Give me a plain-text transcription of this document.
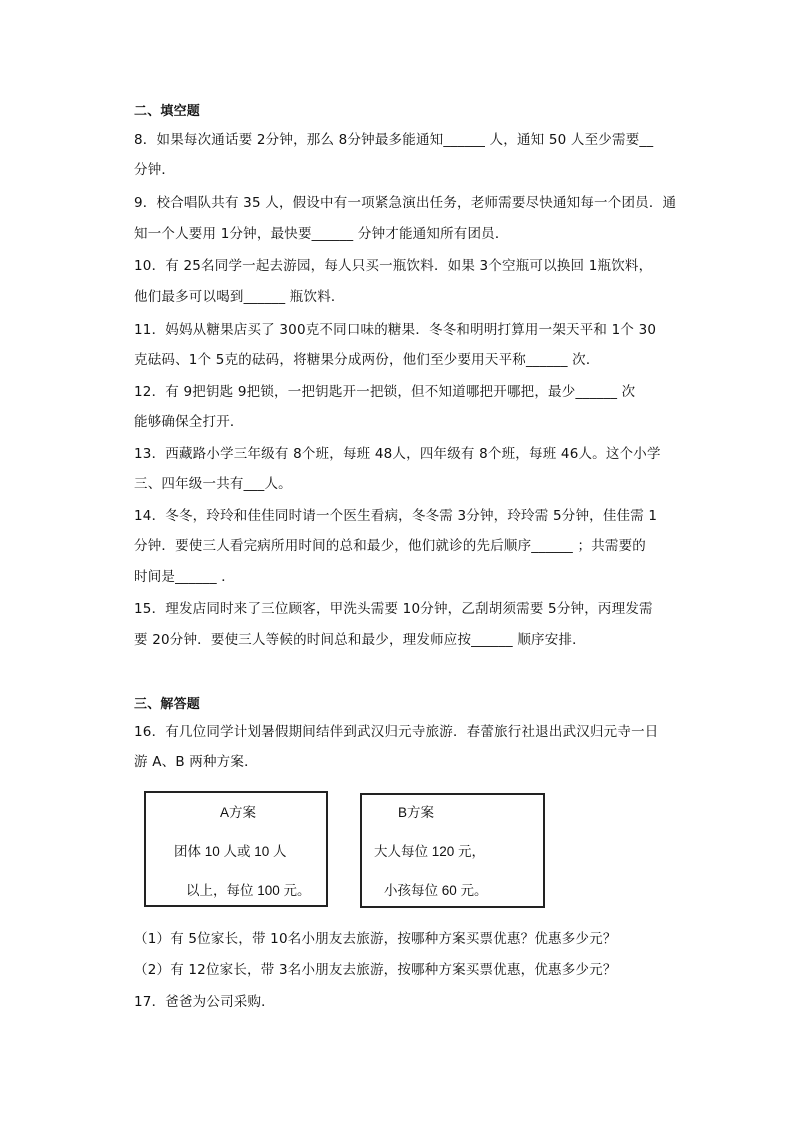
二、填空题
8．如果每次通话要 2分钟，那么 8分钟最多能通知______ 人，通知 50 人至少需要__
分钟．
9．校合唱队共有 35 人，假设中有一项紧急演出任务，老师需要尽快通知每一个团员．通
知一个人要用 1分钟，最快要______ 分钟才能通知所有团员．
10．有 25名同学一起去游园，每人只买一瓶饮料．如果 3个空瓶可以换回 1瓶饮料，
他们最多可以喝到______ 瓶饮料．
11．妈妈从糖果店买了 300克不同口味的糖果．冬冬和明明打算用一架天平和 1个 30
克砝码、1个 5克的砝码，将糖果分成两份，他们至少要用天平称______ 次．
12．有 9把钥匙 9把锁，一把钥匙开一把锁，但不知道哪把开哪把，最少______ 次
能够确保全打开．
13．西藏路小学三年级有 8个班，每班 48人，四年级有 8个班，每班 46人。这个小学
三、四年级一共有___人。
14．冬冬，玲玲和佳佳同时请一个医生看病，冬冬需 3分钟，玲玲需 5分钟，佳佳需 1
分钟．要使三人看完病所用时间的总和最少，他们就诊的先后顺序______ ；共需要的
时间是______ ．
15．理发店同时来了三位顾客，甲洗头需要 10分钟，乙刮胡须需要 5分钟，丙理发需
要 20分钟．要使三人等候的时间总和最少，理发师应按______ 顺序安排．
三、解答题
16．有几位同学计划暑假期间结伴到武汉归元寺旅游．春蕾旅行社退出武汉归元寺一日
游 A、B 两种方案．
A方案
团体 10 人或 10 人
以上，每位 100 元。
B方案
大人每位 120 元，
小孩每位 60 元。
（1）有 5位家长，带 10名小朋友去旅游，按哪种方案买票优惠？优惠多少元？
（2）有 12位家长，带 3名小朋友去旅游，按哪种方案买票优惠，优惠多少元？
17．爸爸为公司采购．
